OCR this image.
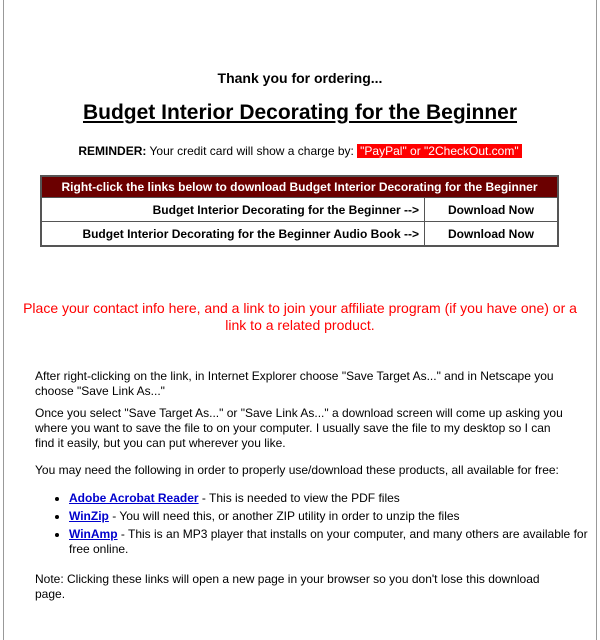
Thank you for ordering...
Budget Interior Decorating for the Beginner
REMINDER: Your credit card will show a charge by: "PayPal" or "2CheckOut.com"
Right-click the links below to download Budget Interior Decorating for the Beginner	
Budget Interior Decorating for the Beginner -->	Download Now
Budget Interior Decorating for the Beginner Audio Book -->	Download Now
Place your contact info here, and a link to join your affiliate program (if you have one) or a link to a related product.
After right-clicking on the link, in Internet Explorer choose "Save Target As..." and in Netscape you choose "Save Link As..."
Once you select "Save Target As..." or "Save Link As..." a download screen will come up asking you where you want to save the file to on your computer. I usually save the file to my desktop so I can find it easily, but you can put wherever you like.
You may need the following in order to properly use/download these products, all available for free:
• Adobe Acrobat Reader - This is needed to view the PDF files
• WinZip - You will need this, or another ZIP utility in order to unzip the files
• WinAmp - This is an MP3 player that installs on your computer, and many others are available for free online.
Note: Clicking these links will open a new page in your browser so you don't lose this download page.
